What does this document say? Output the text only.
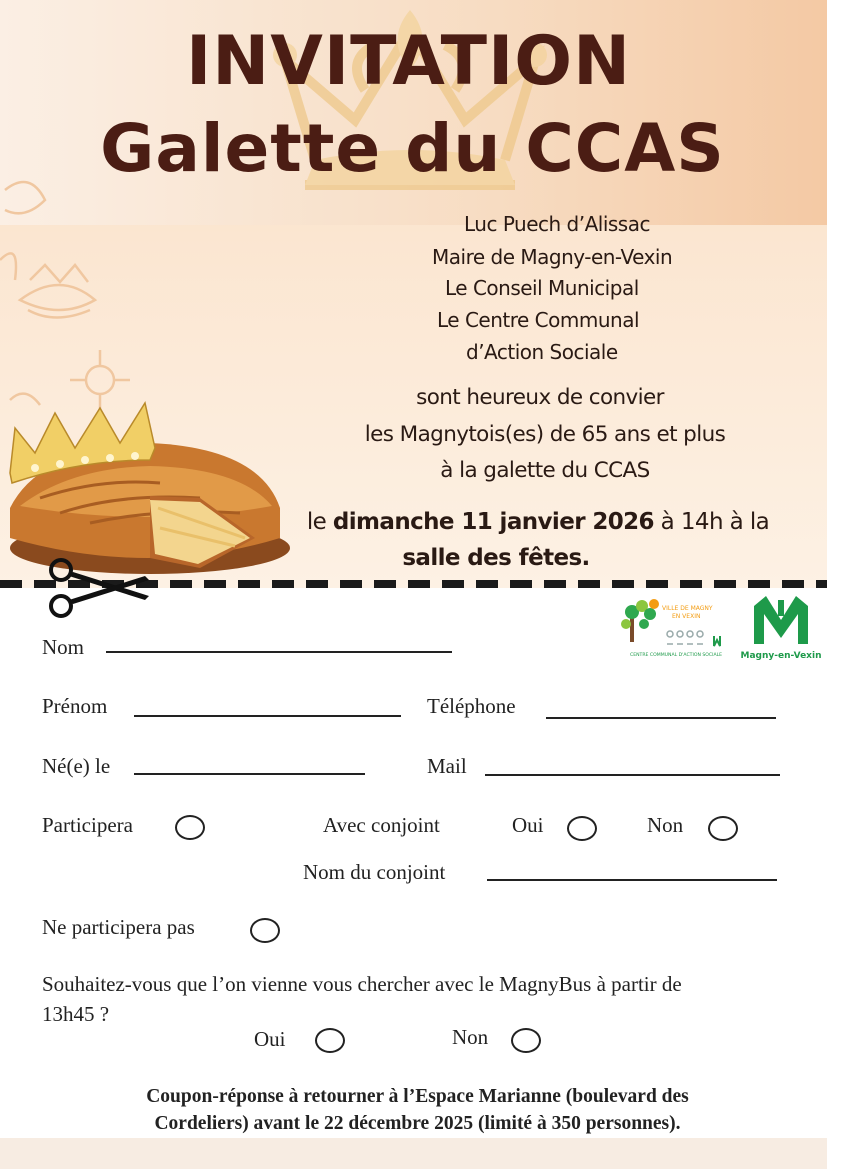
INVITATION
Galette du CCAS
Luc Puech d’Alissac
Maire de Magny-en-Vexin
Le Conseil Municipal
Le Centre Communal
d’Action Sociale
sont heureux de convier
les Magnytois(es) de 65 ans et plus
à la galette du CCAS
le dimanche 11 janvier 2026 à 14h à la
salle des fêtes.
VILLE DE MAGNY
EN VEXIN
CENTRE COMMUNAL D'ACTION SOCIALE Magny-en-Vexin
Nom
Prénom	Téléphone
Né(e) le	Mail
Participera	Avec conjoint	Oui	Non
Nom du conjoint
Ne participera pas
Souhaitez-vous que l’on vienne vous chercher avec le MagnyBus à partir de
13h45 ?
Oui	Non
Coupon-réponse à retourner à l’Espace Marianne (boulevard des
Cordeliers) avant le 22 décembre 2025 (limité à 350 personnes).
